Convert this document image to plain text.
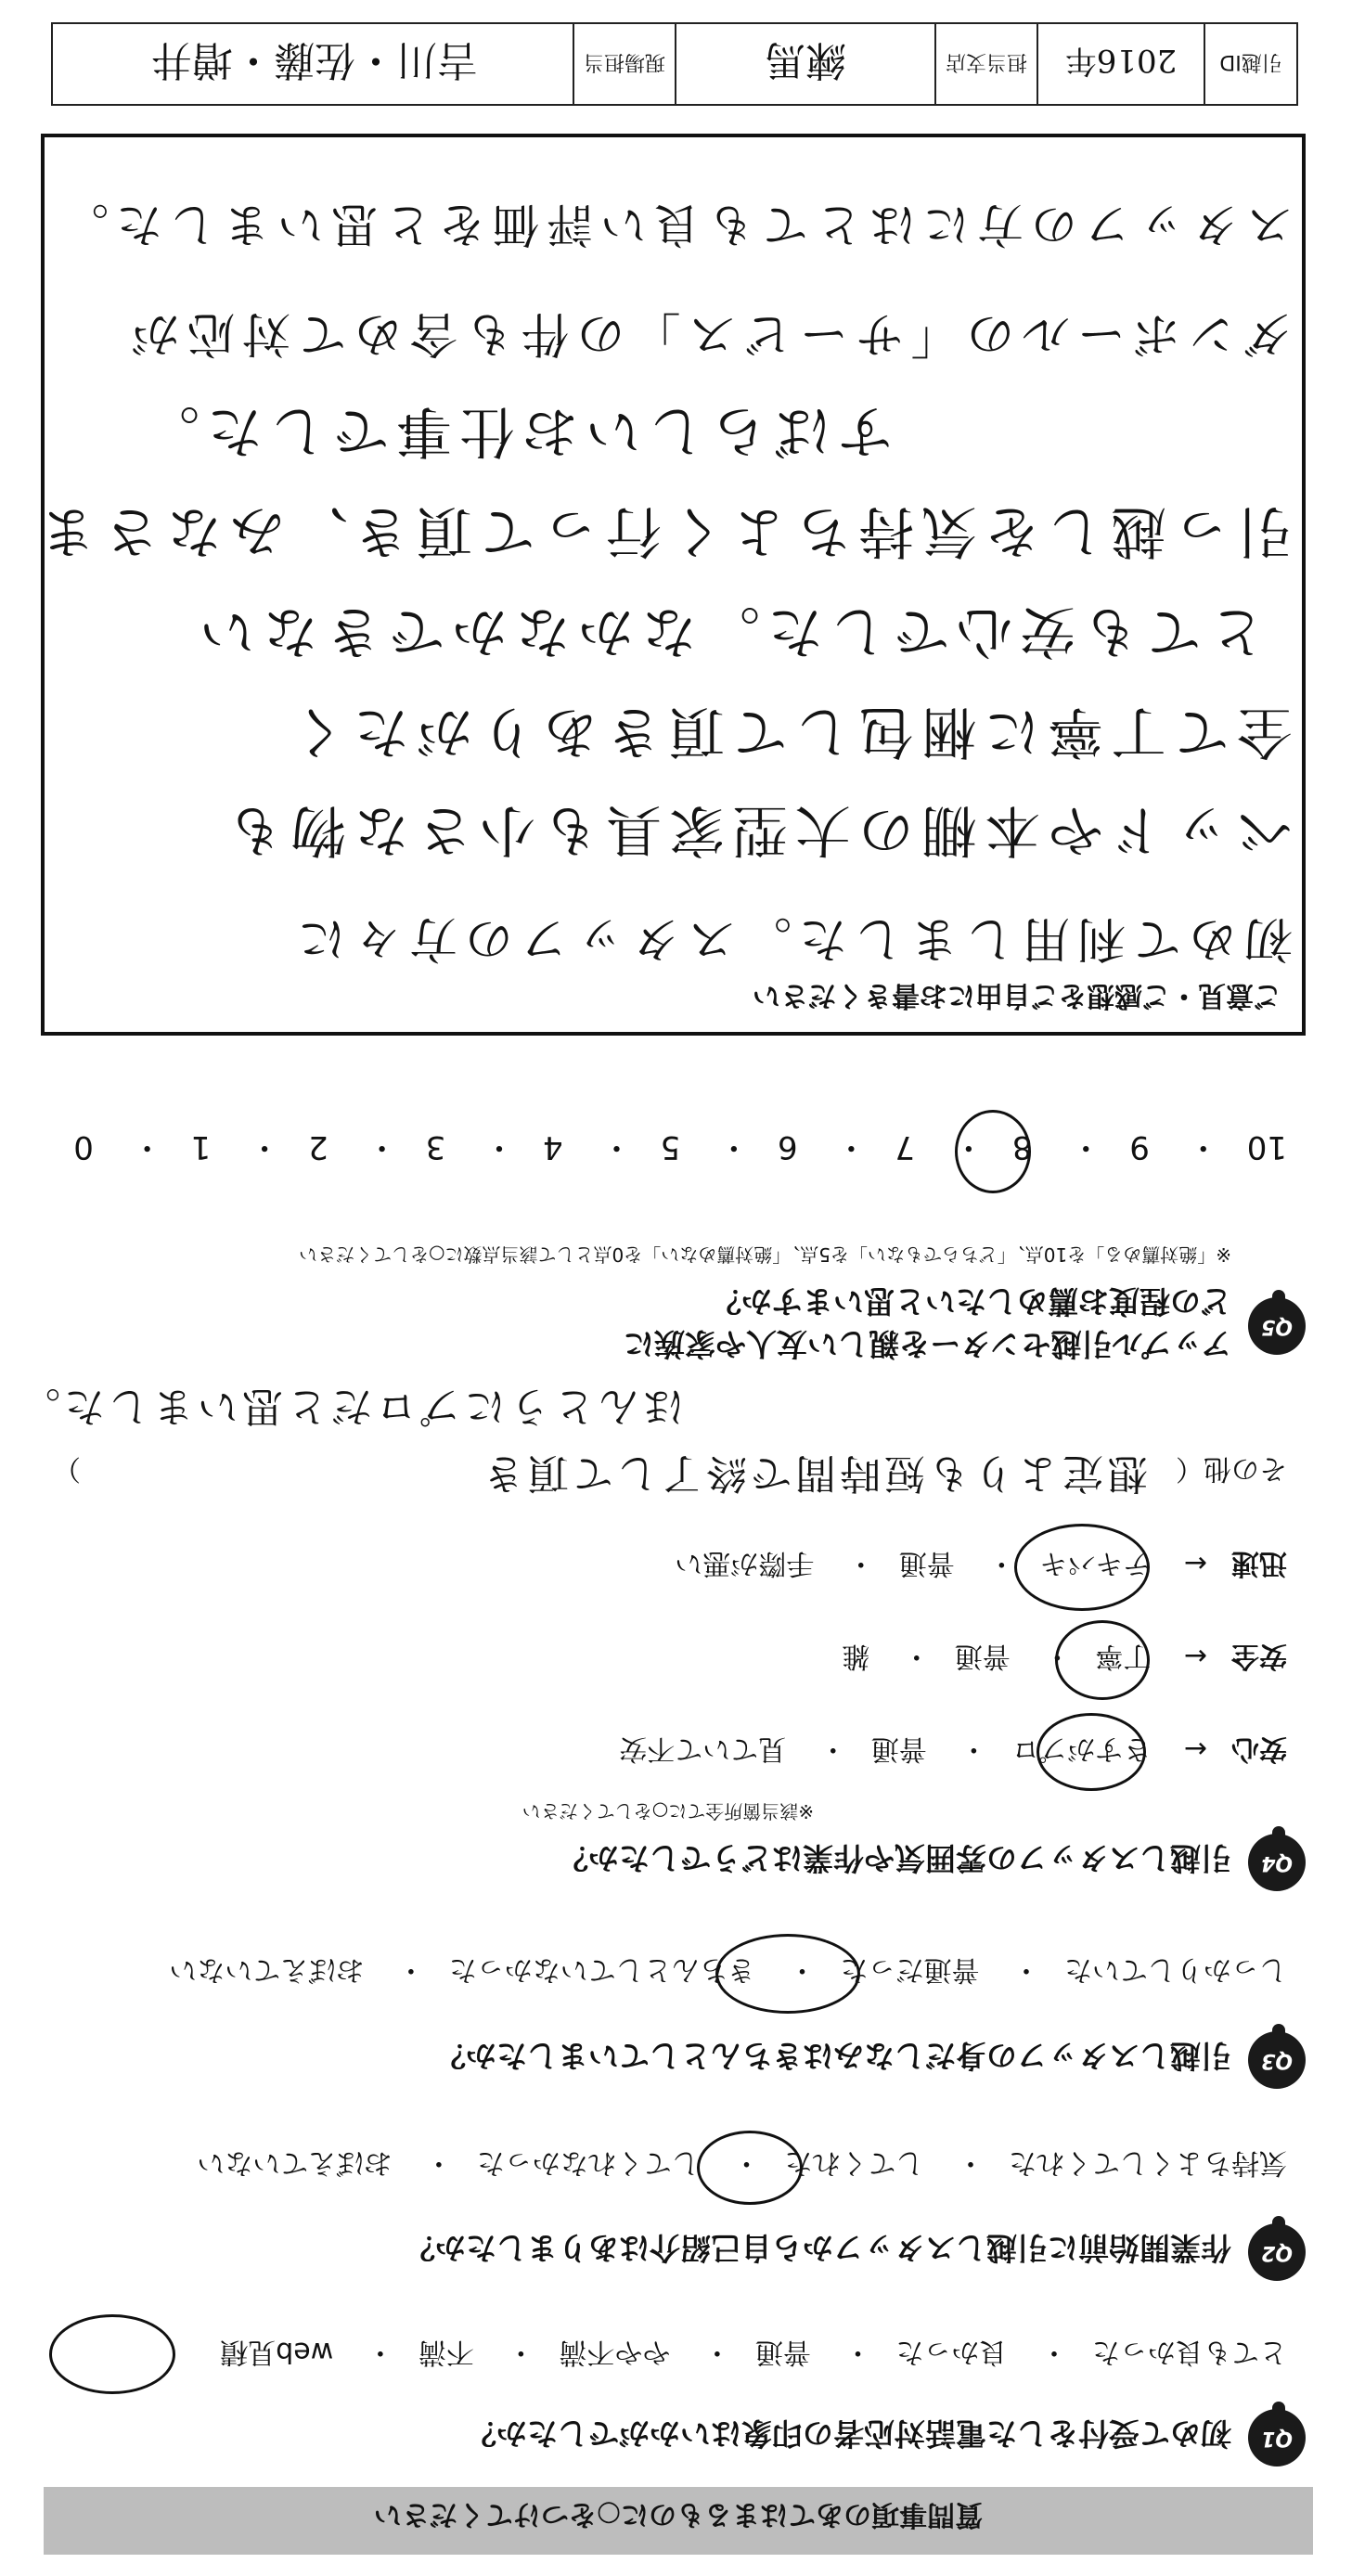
質問事項のあてはまるものに○をつけてください
Q1
初めて受付をした電話対応者の印象はいかがでしたか？
とても良かった・ 良かった・ 普通・ やや不満・ 不満・ web見積
Q2
作業開始前に引越しスタッフから自己紹介はありましたか？
気持ちよくしてくれた・ してくれた・ してくれなかった・ おぼえていない
Q3
引越しスタッフの身だしなみはきちんとしていましたか？
しっかりしていた・ 普通だった・ きちんとしていなかった・ おぼえていない
Q4
引越しスタッフの雰囲気や作業はどうでしたか？
※該当箇所全てに○をしてください
安心← さすがプロ・ 普通・ 見ていて不安
安全← 丁寧・ 普通・ 雑
迅速← テキパキ・ 普通・ 手際が悪い
その他（
）	想定よりも短時間で終了して頂き
ほんとうにプロだと思いました。
Q5
アップル引越センターを親しい友人や家族に
どの程度お薦めしたいと思いますか？
※「絶対薦める」を10点、「どちらでもない」を5点、「絶対薦めない」を0点として該当点数に○をしてください
10・ 9・ 8・ 7・ 6・ 5・ 4・ 3・ 2・ 1・ 0
ご意見・ご感想をご自由にお書きください
初めて利用しました。スタッフの方々に
ベッドや本棚の大型家具も小さな物も
全て丁寧に梱包して頂きありがたく
とても安心でした。なかなかできない
引っ越しを気持ちよく行って頂き、みなさま
すばらしいお仕事でした。
ダンボールの「サービス」の件も含めて対応が
スタッフの方にはとても良い評価をと思いました。
引越ID
2016年
担当支店
練馬
現場担当
吉川・佐藤・増井
